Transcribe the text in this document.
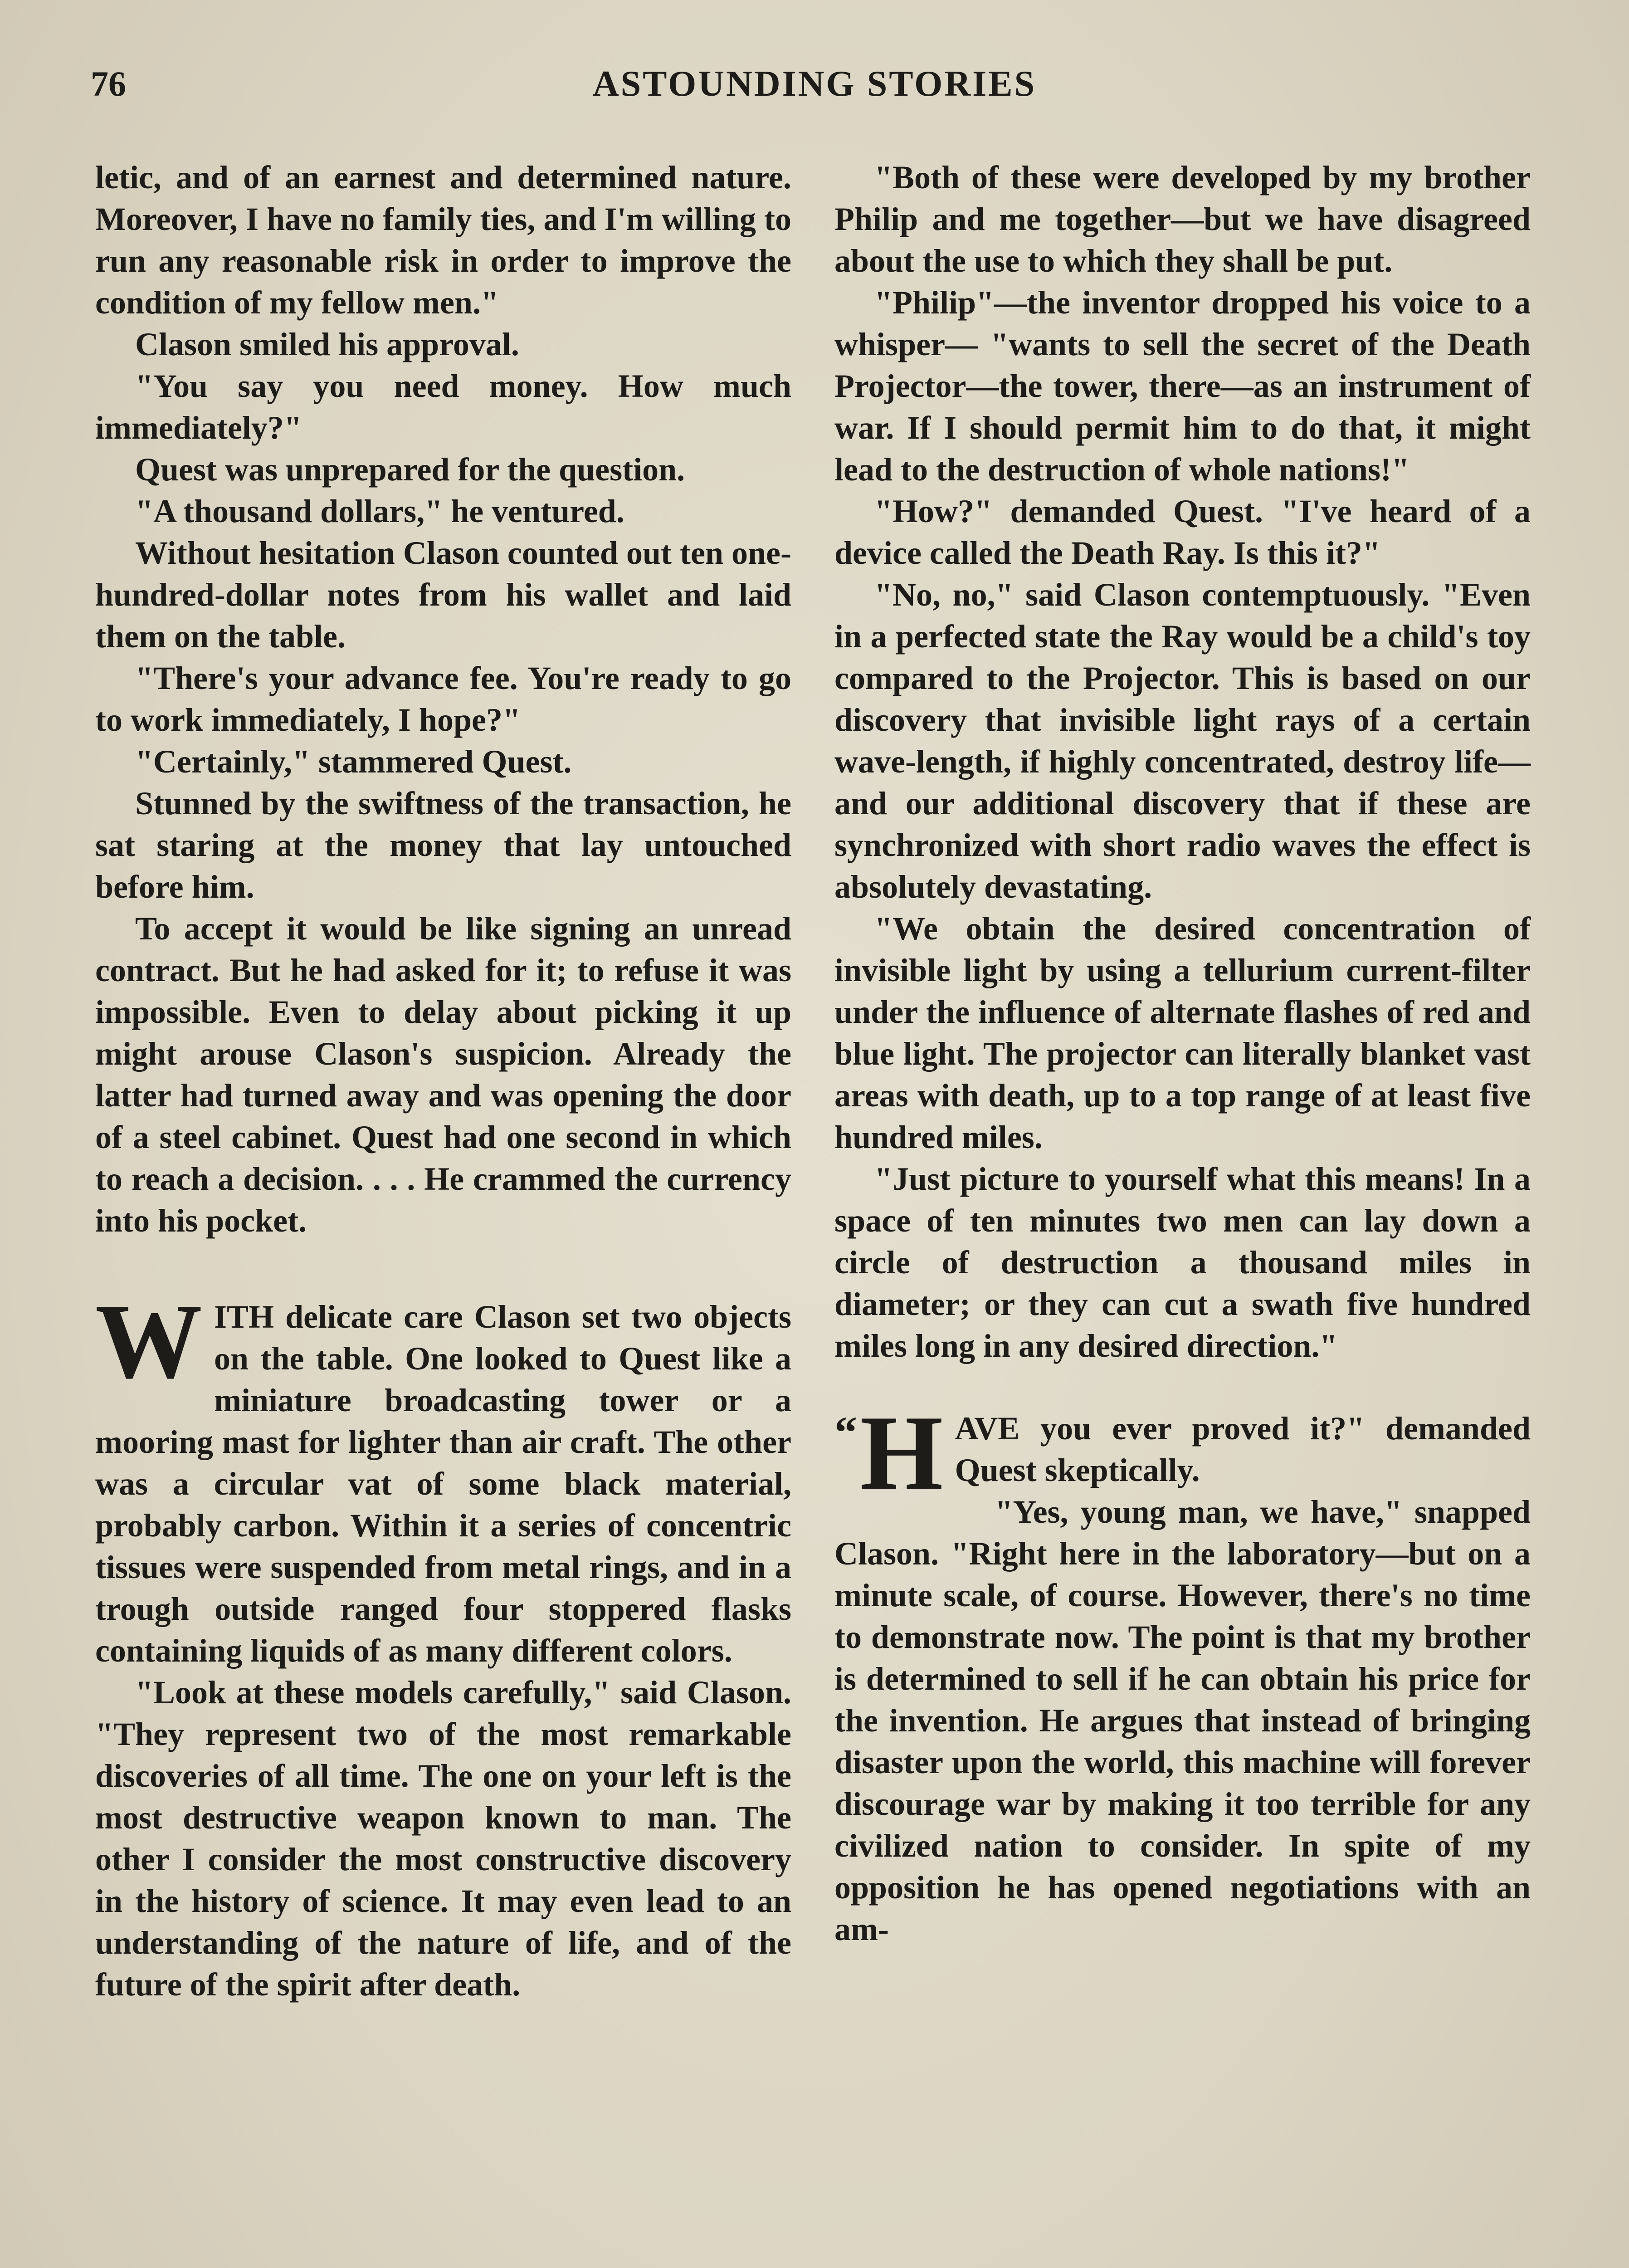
76	ASTOUNDING STORIES

letic, and of an earnest and determined nature. Moreover, I have no family ties, and I'm willing to run any reasonable risk in order to improve the condition of my fellow men."

Clason smiled his approval.

"You say you need money. How much immediately?"

Quest was unprepared for the question.

"A thousand dollars," he ventured.

Without hesitation Clason counted out ten one-hundred-dollar notes from his wallet and laid them on the table.

"There's your advance fee. You're ready to go to work immediately, I hope?"

"Certainly," stammered Quest.

Stunned by the swiftness of the transaction, he sat staring at the money that lay untouched before him.

To accept it would be like signing an unread contract. But he had asked for it; to refuse it was impossible. Even to delay about picking it up might arouse Clason's suspicion. Already the latter had turned away and was opening the door of a steel cabinet. Quest had one second in which to reach a decision. . . . He crammed the currency into his pocket.

WITH delicate care Clason set two objects on the table. One looked to Quest like a miniature broadcasting tower or a mooring mast for lighter than air craft. The other was a circular vat of some black material, probably carbon. Within it a series of concentric tissues were suspended from metal rings, and in a trough outside ranged four stoppered flasks containing liquids of as many different colors.

"Look at these models carefully," said Clason. "They represent two of the most remarkable discoveries of all time. The one on your left is the most destructive weapon known to man. The other I consider the most constructive discovery in the history of science. It may even lead to an understanding of the nature of life, and of the future of the spirit after death.

"Both of these were developed by my brother Philip and me together—but we have disagreed about the use to which they shall be put.

"Philip"—the inventor dropped his voice to a whisper— "wants to sell the secret of the Death Projector—the tower, there—as an instrument of war. If I should permit him to do that, it might lead to the destruction of whole nations!"

"How?" demanded Quest. "I've heard of a device called the Death Ray. Is this it?"

"No, no," said Clason contemptuously. "Even in a perfected state the Ray would be a child's toy compared to the Projector. This is based on our discovery that invisible light rays of a certain wave-length, if highly concentrated, destroy life—and our additional discovery that if these are synchronized with short radio waves the effect is absolutely devastating.

"We obtain the desired concentration of invisible light by using a tellurium current-filter under the influence of alternate flashes of red and blue light. The projector can literally blanket vast areas with death, up to a top range of at least five hundred miles.

"Just picture to yourself what this means! In a space of ten minutes two men can lay down a circle of destruction a thousand miles in diameter; or they can cut a swath five hundred miles long in any desired direction."

“ H AVE you ever proved it?" demanded Quest skeptically.

"Yes, young man, we have," snapped Clason. "Right here in the laboratory—but on a minute scale, of course. However, there's no time to demonstrate now. The point is that my brother is determined to sell if he can obtain his price for the invention. He argues that instead of bringing disaster upon the world, this machine will forever discourage war by making it too terrible for any civilized nation to consider. In spite of my opposition he has opened negotiations with an am-
